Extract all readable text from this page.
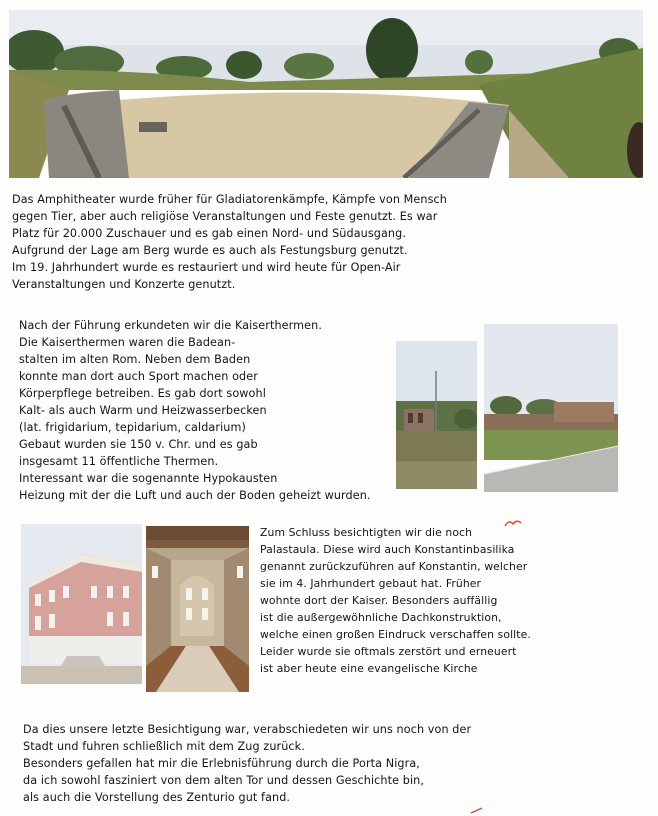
Das Amphitheater wurde früher für Gladiatorenkämpfe, Kämpfe von Mensch
gegen Tier, aber auch religiöse Veranstaltungen und Feste genutzt. Es war
Platz für 20.000 Zuschauer und es gab einen Nord- und Südausgang.
Aufgrund der Lage am Berg wurde es auch als Festungsburg genutzt.
Im 19. Jahrhundert wurde es restauriert und wird heute für Open-Air
Veranstaltungen und Konzerte genutzt.
Nach der Führung erkundeten wir die Kaiserthermen.
Die Kaiserthermen waren die Badean-
stalten im alten Rom. Neben dem Baden
konnte man dort auch Sport machen oder
Körperpflege betreiben. Es gab dort sowohl
Kalt- als auch Warm und Heizwasserbecken
(lat. frigidarium, tepidarium, caldarium)
Gebaut wurden sie 150 v. Chr. und es gab
insgesamt 11 öffentliche Thermen.
Interessant war die sogenannte Hypokausten
Heizung mit der die Luft und auch der Boden geheizt wurden.
Zum Schluss besichtigten wir die noch
Palastaula. Diese wird auch Konstantinbasilika
genannt zurückzuführen auf Konstantin, welcher
sie im 4. Jahrhundert gebaut hat. Früher
wohnte dort der Kaiser. Besonders auffällig
ist die außergewöhnliche Dachkonstruktion,
welche einen großen Eindruck verschaffen sollte.
Leider wurde sie oftmals zerstört und erneuert
ist aber heute eine evangelische Kirche
Da dies unsere letzte Besichtigung war, verabschiedeten wir uns noch von der
Stadt und fuhren schließlich mit dem Zug zurück.
Besonders gefallen hat mir die Erlebnisführung durch die Porta Nigra,
da ich sowohl fasziniert von dem alten Tor und dessen Geschichte bin,
als auch die Vorstellung des Zenturio gut fand.
